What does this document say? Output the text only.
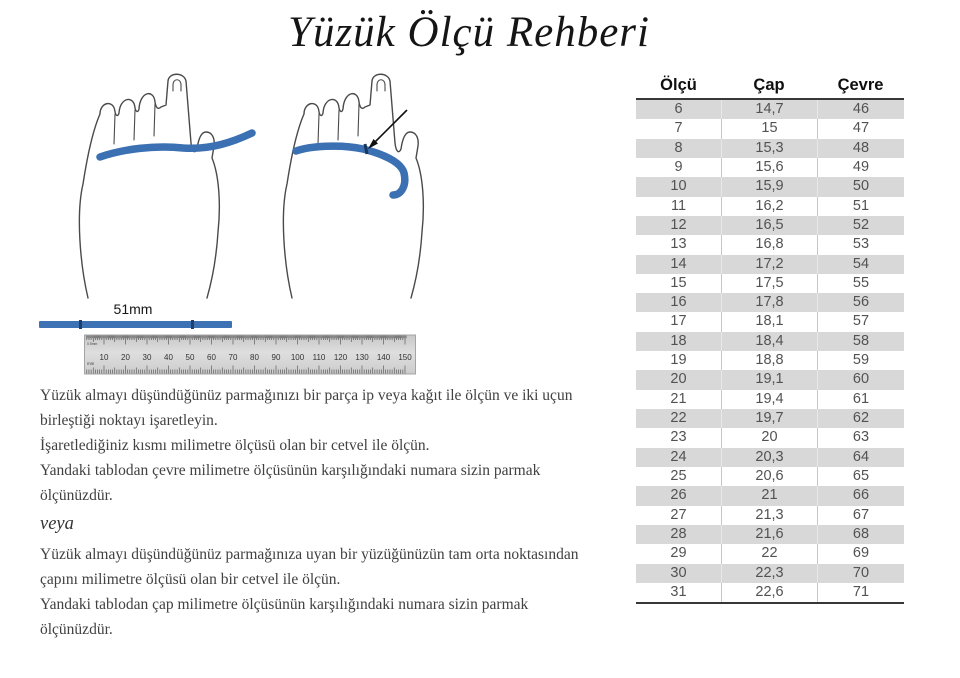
Yüzük Ölçü Rehberi
51mm
10 20 30 40 50 60 70 80 90 100 110 120 130 140 150
0.5mm
mm

Yüzük almayı düşündüğünüz parmağınızı bir parça ip veya kağıt ile ölçün ve iki uçun birleştiği noktayı işaretleyin.

İşaretlediğiniz kısmı milimetre ölçüsü olan bir cetvel ile ölçün.

Yandaki tablodan çevre milimetre ölçüsünün karşılığındaki numara sizin parmak ölçünüzdür.

veya

Yüzük almayı düşündüğünüz parmağınıza uyan bir yüzüğünüzün tam orta noktasından çapını milimetre ölçüsü olan bir cetvel ile ölçün.

Yandaki tablodan çap milimetre ölçüsünün karşılığındaki numara sizin parmak ölçünüzdür.

Ölçü	Çap	Çevre
6	14,7	46
7	15	47
8	15,3	48
9	15,6	49
10	15,9	50
11	16,2	51
12	16,5	52
13	16,8	53
14	17,2	54
15	17,5	55
16	17,8	56
17	18,1	57
18	18,4	58
19	18,8	59
20	19,1	60
21	19,4	61
22	19,7	62
23	20	63
24	20,3	64
25	20,6	65
26	21	66
27	21,3	67
28	21,6	68
29	22	69
30	22,3	70
31	22,6	71
